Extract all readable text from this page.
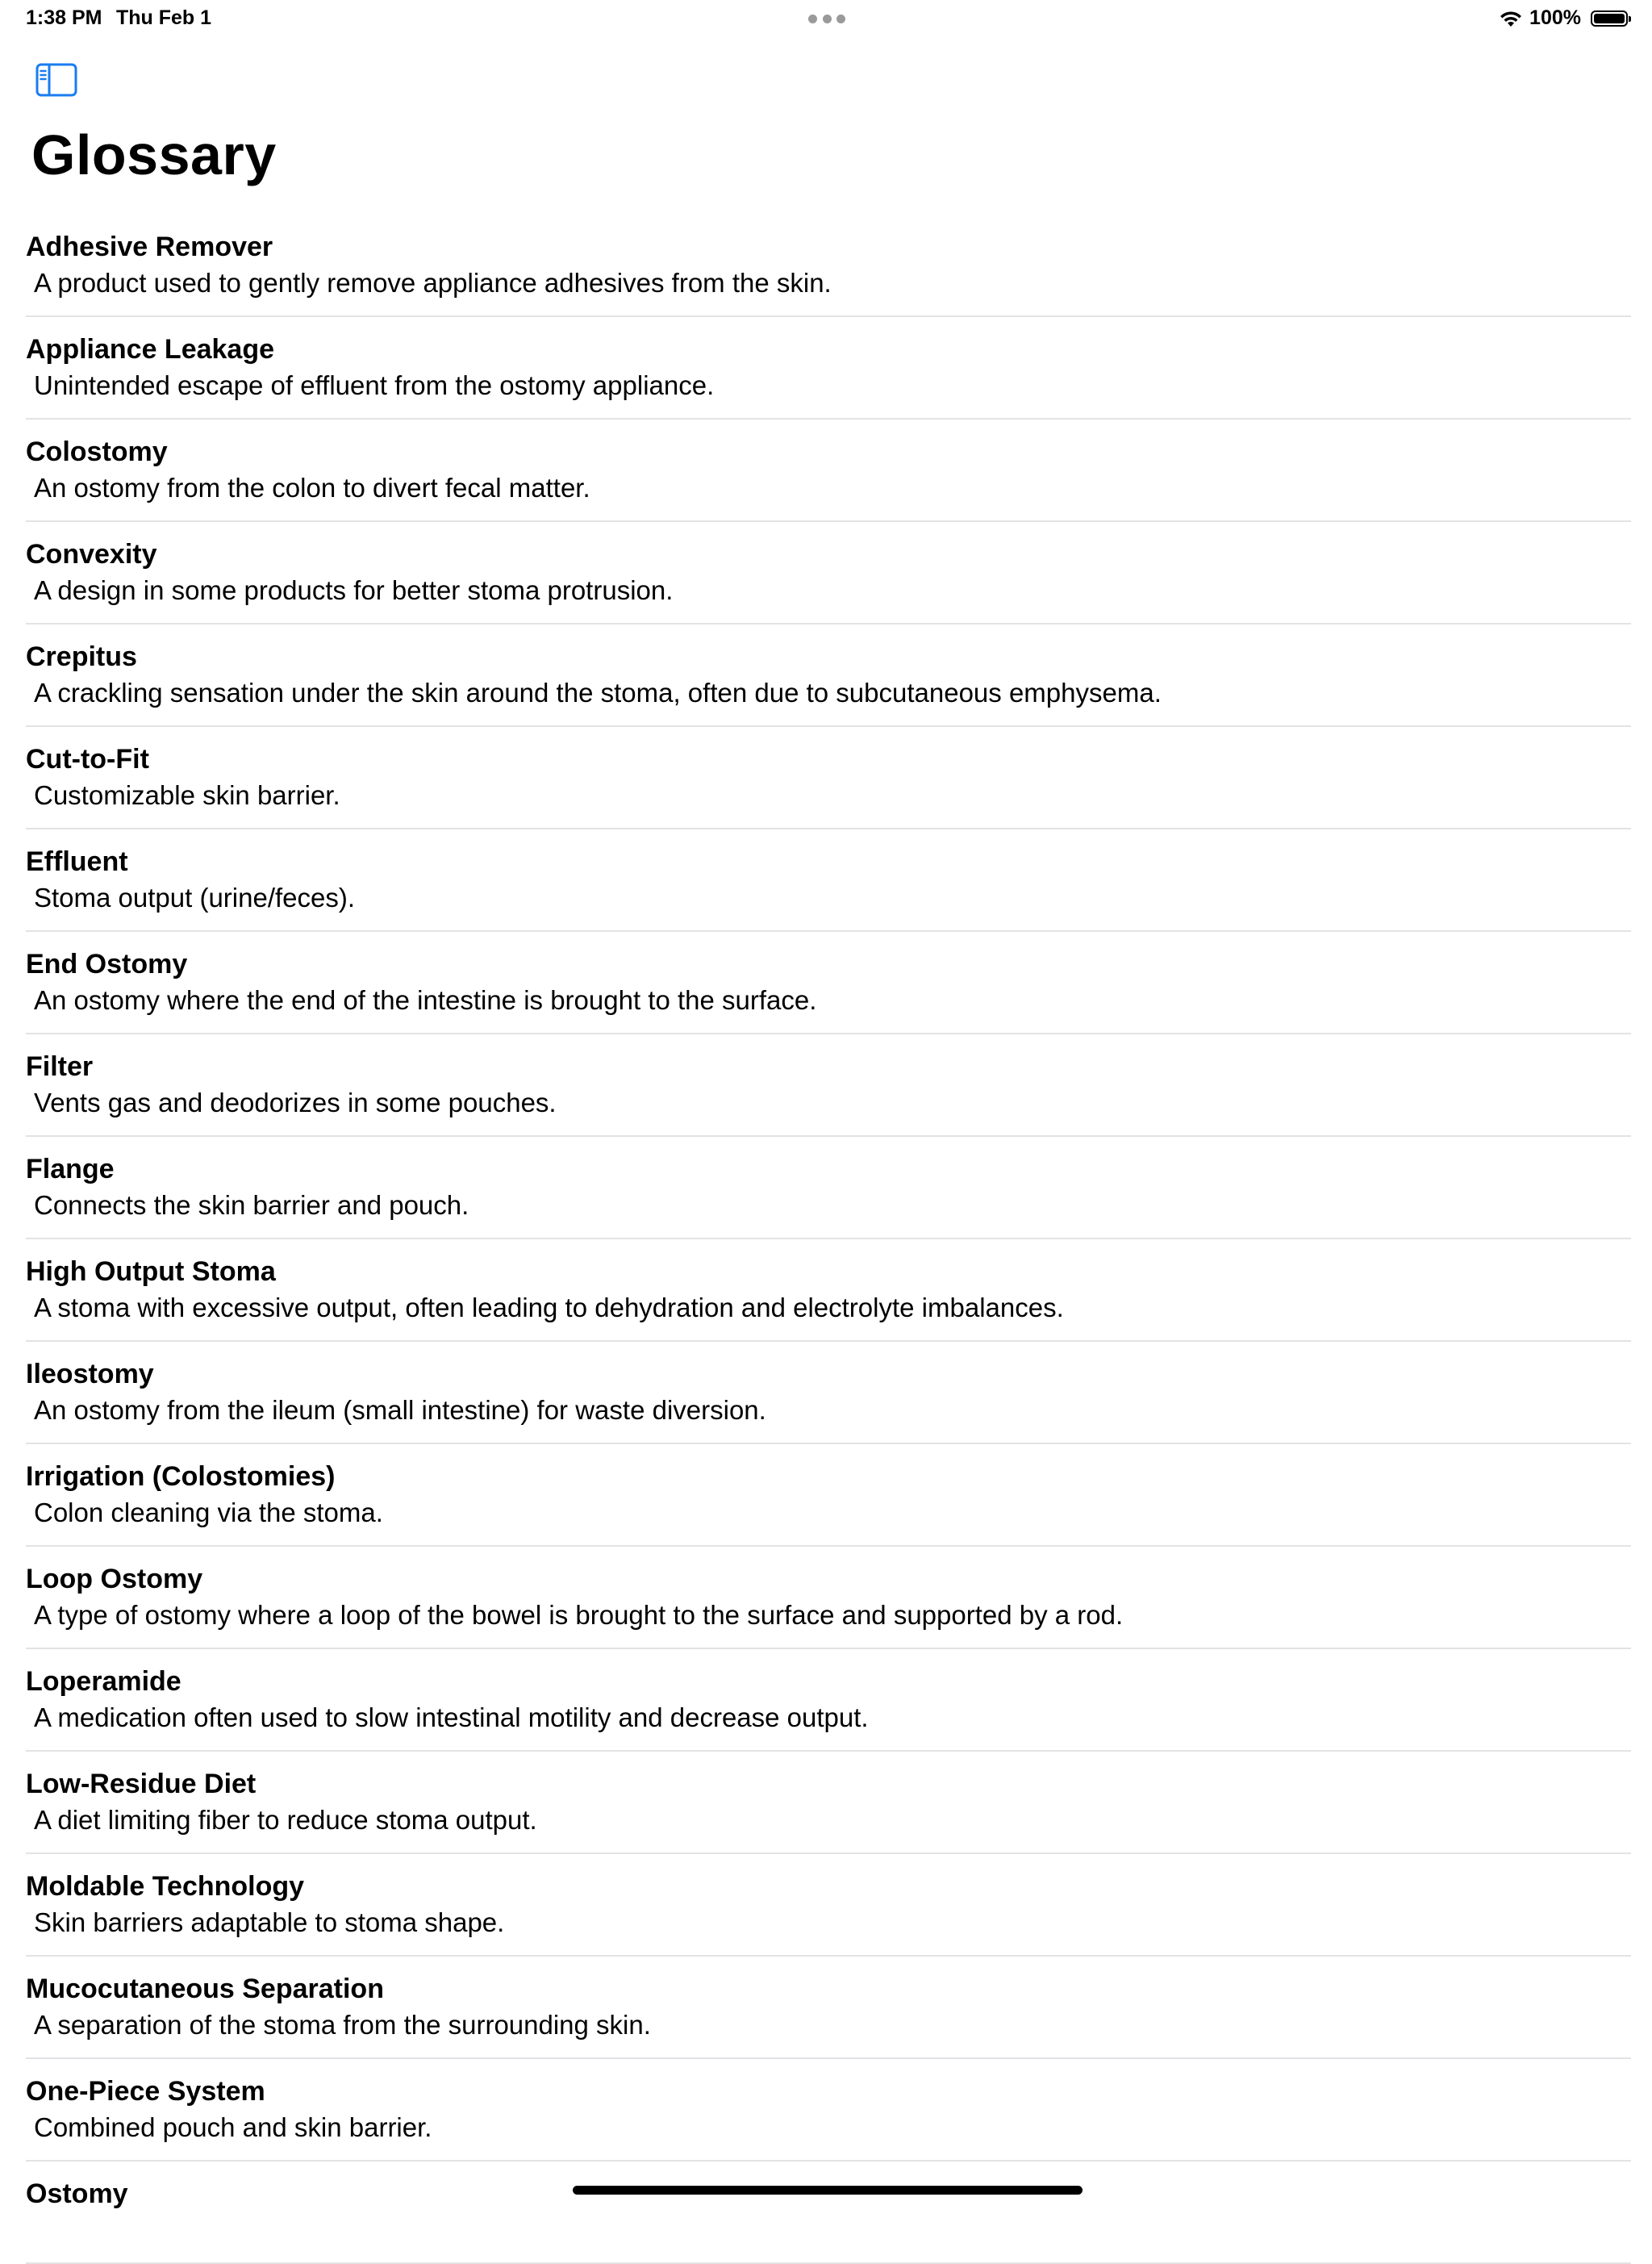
1:38 PM Thu Feb 1	100%
Glossary
Adhesive Remover
A product used to gently remove appliance adhesives from the skin.
Appliance Leakage
Unintended escape of effluent from the ostomy appliance.
Colostomy
An ostomy from the colon to divert fecal matter.
Convexity
A design in some products for better stoma protrusion.
Crepitus
A crackling sensation under the skin around the stoma, often due to subcutaneous emphysema.
Cut-to-Fit
Customizable skin barrier.
Effluent
Stoma output (urine/feces).
End Ostomy
An ostomy where the end of the intestine is brought to the surface.
Filter
Vents gas and deodorizes in some pouches.
Flange
Connects the skin barrier and pouch.
High Output Stoma
A stoma with excessive output, often leading to dehydration and electrolyte imbalances.
Ileostomy
An ostomy from the ileum (small intestine) for waste diversion.
Irrigation (Colostomies)
Colon cleaning via the stoma.
Loop Ostomy
A type of ostomy where a loop of the bowel is brought to the surface and supported by a rod.
Loperamide
A medication often used to slow intestinal motility and decrease output.
Low-Residue Diet
A diet limiting fiber to reduce stoma output.
Moldable Technology
Skin barriers adaptable to stoma shape.
Mucocutaneous Separation
A separation of the stoma from the surrounding skin.
One-Piece System
Combined pouch and skin barrier.
Ostomy
